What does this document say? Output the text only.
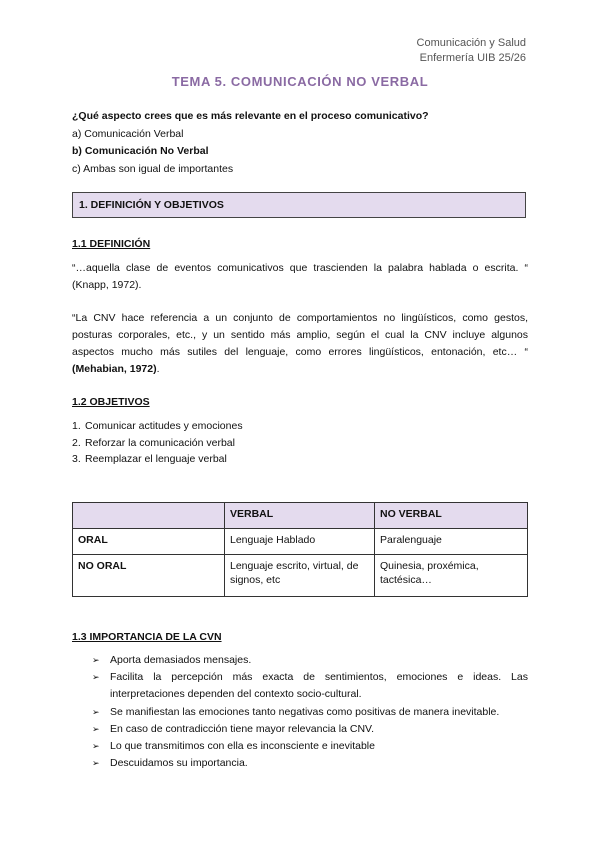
Comunicación y Salud
Enfermería UIB 25/26
TEMA 5. COMUNICACIÓN NO VERBAL
¿Qué aspecto crees que es más relevante en el proceso comunicativo?
a) Comunicación Verbal
b) Comunicación No Verbal
c) Ambas son igual de importantes
1. DEFINICIÓN Y OBJETIVOS
1.1 DEFINICIÓN
“…aquella clase de eventos comunicativos que trascienden la palabra hablada o escrita. “ (Knapp, 1972).
“La CNV hace referencia a un conjunto de comportamientos no lingüísticos, como gestos, posturas corporales, etc., y un sentido más amplio, según el cual la CNV incluye algunos aspectos mucho más sutiles del lenguaje, como errores lingüísticos, entonación, etc… “ (Mehabian, 1972).
1.2 OBJETIVOS
1. Comunicar actitudes y emociones
2. Reforzar la comunicación verbal
3. Reemplazar el lenguaje verbal
	VERBAL	NO VERBAL
ORAL	Lenguaje Hablado	Paralenguaje
NO ORAL	Lenguaje escrito, virtual, de signos, etc	Quinesia, proxémica, tactésica…
1.3 IMPORTANCIA DE LA CVN
➢ Aporta demasiados mensajes.
➢ Facilita la percepción más exacta de sentimientos, emociones e ideas. Las interpretaciones dependen del contexto socio-cultural.
➢ Se manifiestan las emociones tanto negativas como positivas de manera inevitable.
➢ En caso de contradicción tiene mayor relevancia la CNV.
➢ Lo que transmitimos con ella es inconsciente e inevitable
➢ Descuidamos su importancia.
